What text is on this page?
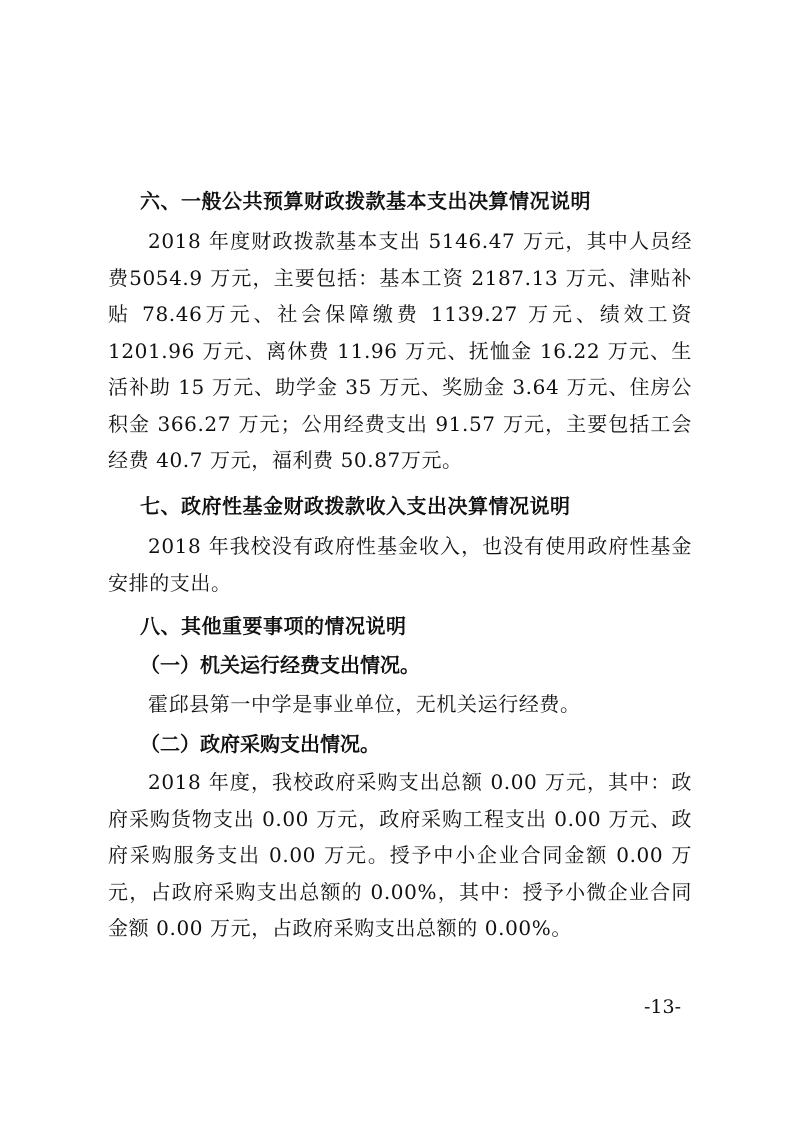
六、一般公共预算财政拨款基本支出决算情况说明
2018 年度财政拨款基本支出 5146.47 万元，其中人员经费5054.9 万元，主要包括：基本工资 2187.13 万元、津贴补贴 78.46万元、社会保障缴费 1139.27 万元、绩效工资 1201.96 万元、离休费 11.96 万元、抚恤金 16.22 万元、生活补助 15 万元、助学金 35 万元、奖励金 3.64 万元、住房公积金 366.27 万元；公用经费支出 91.57 万元，主要包括工会经费 40.7 万元，福利费 50.87万元。
七、政府性基金财政拨款收入支出决算情况说明
2018 年我校没有政府性基金收入，也没有使用政府性基金安排的支出。
八、其他重要事项的情况说明
（一）机关运行经费支出情况。
霍邱县第一中学是事业单位，无机关运行经费。
（二）政府采购支出情况。
2018 年度，我校政府采购支出总额 0.00 万元，其中：政府采购货物支出 0.00 万元，政府采购工程支出 0.00 万元、政府采购服务支出 0.00 万元。授予中小企业合同金额 0.00 万元，占政府采购支出总额的 0.00%，其中：授予小微企业合同金额 0.00 万元，占政府采购支出总额的 0.00%。
-13-
